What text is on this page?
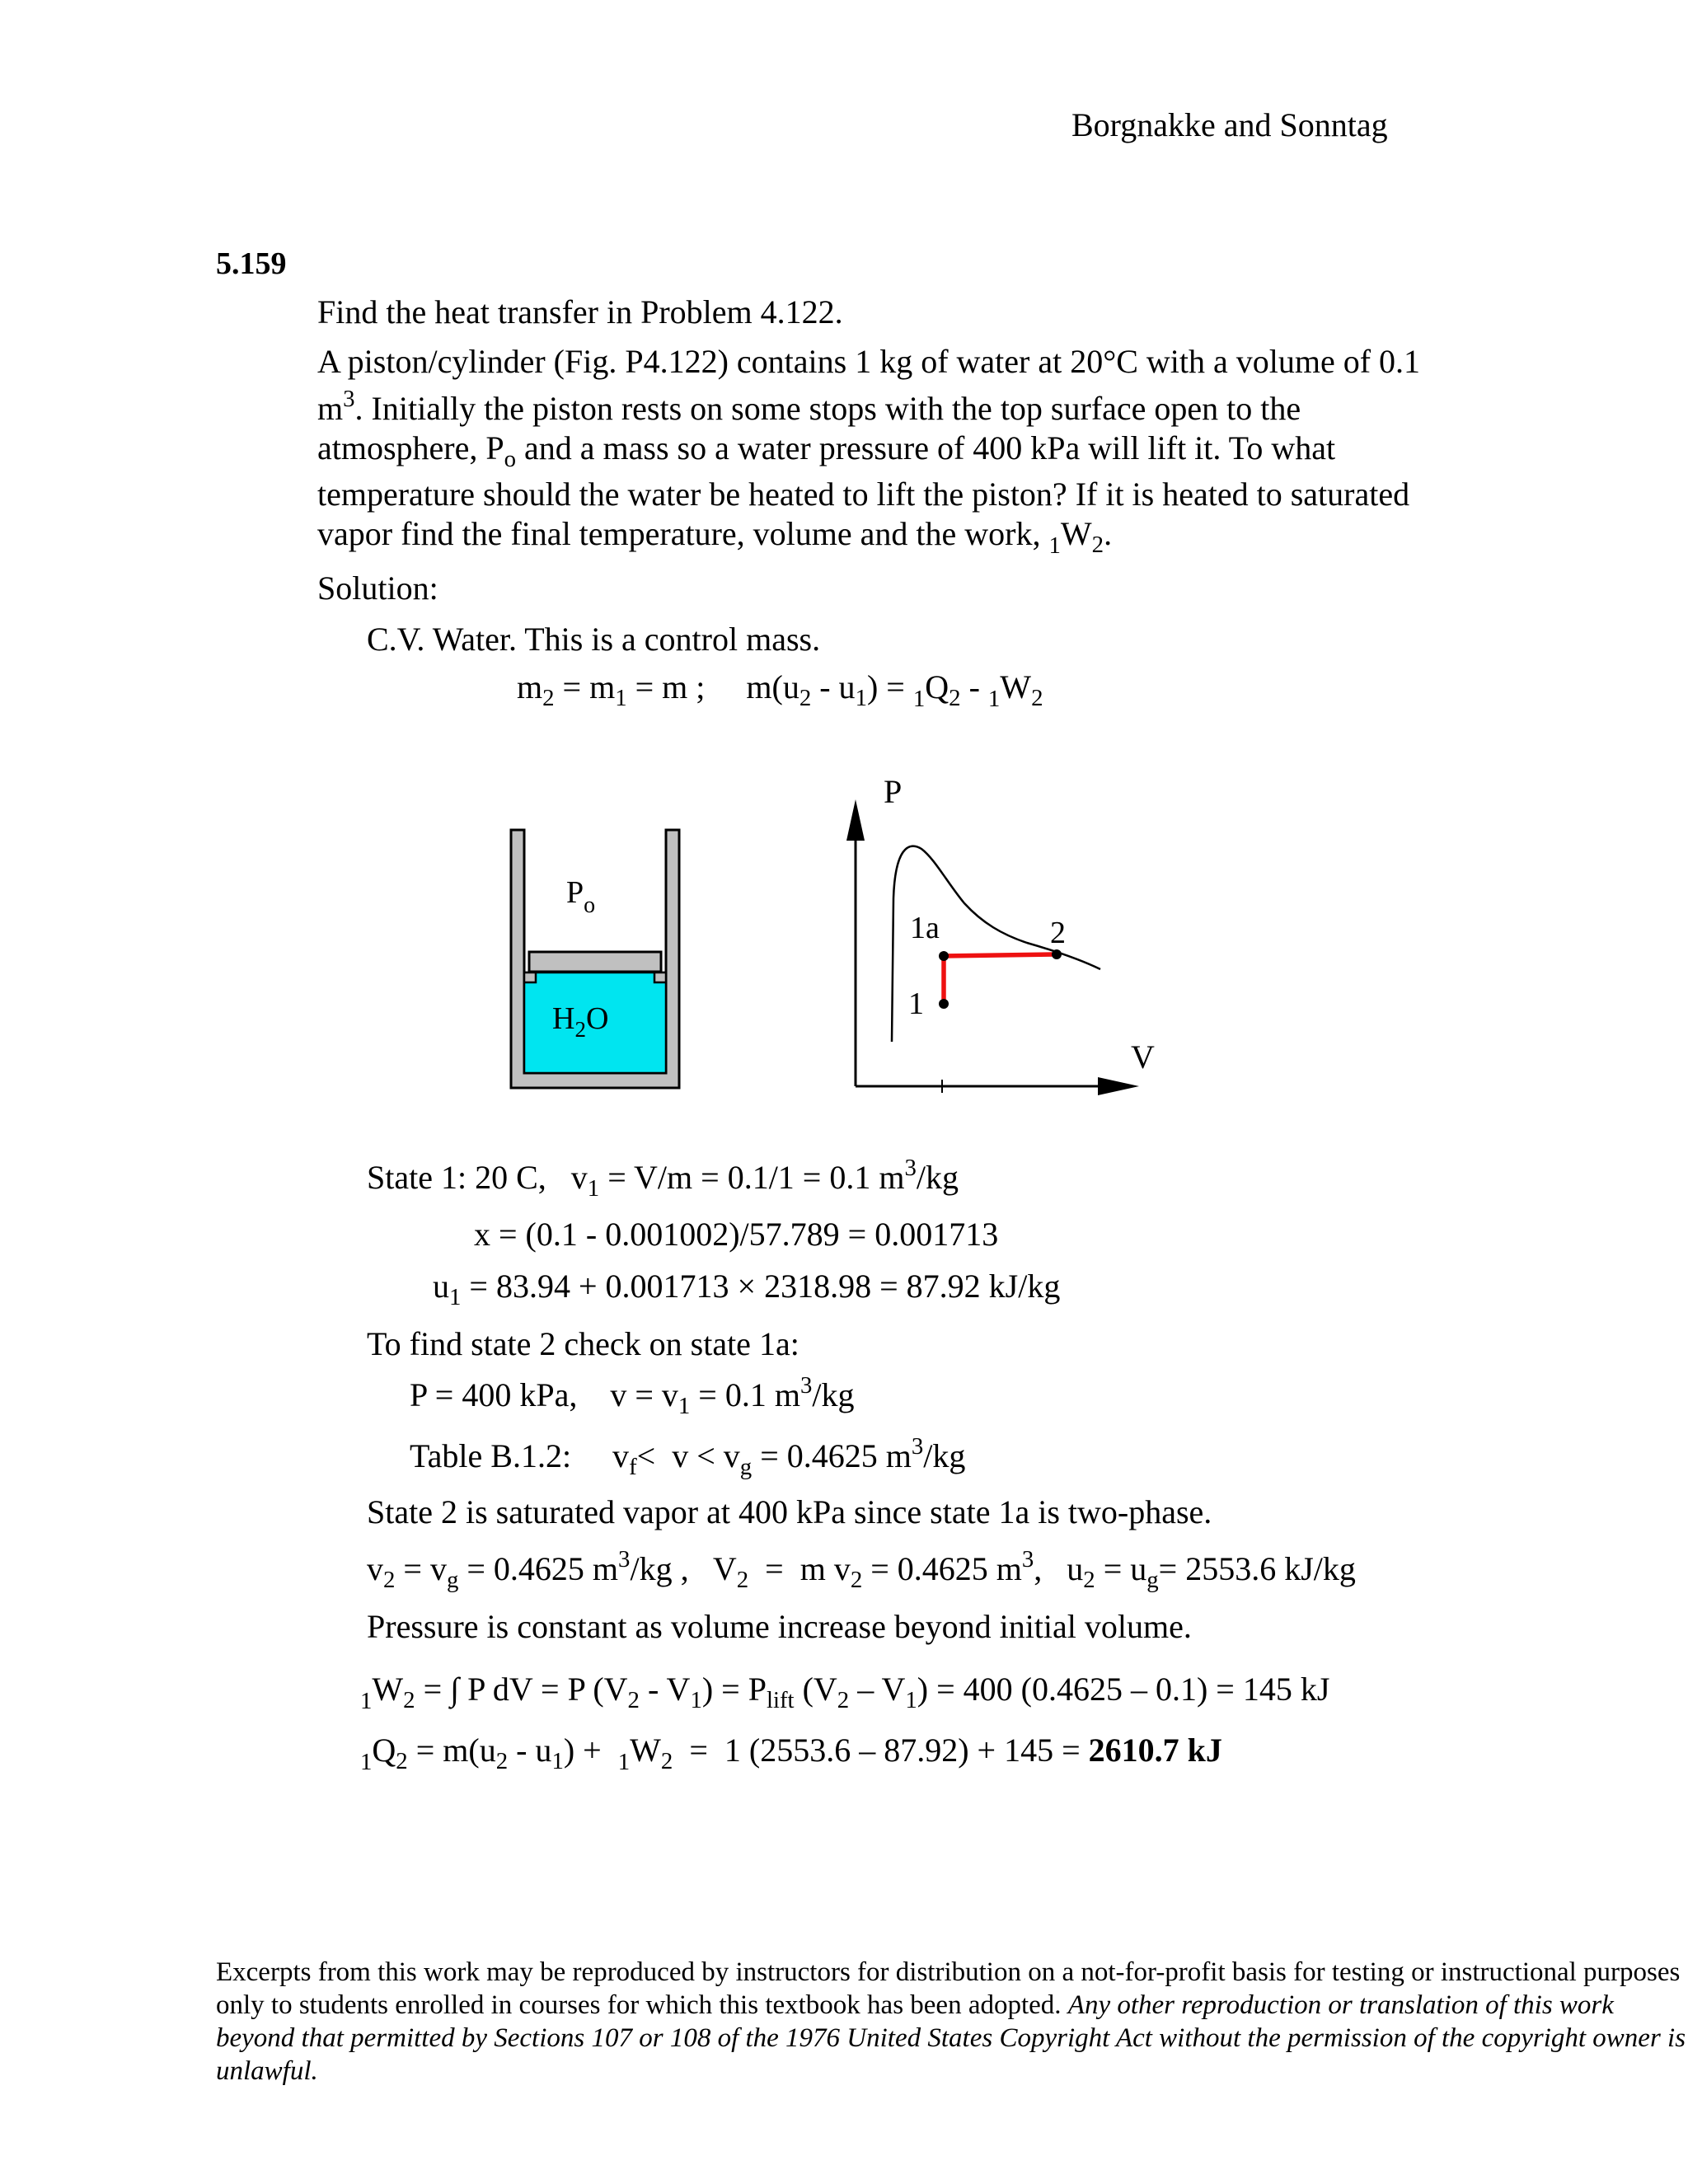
Borgnakke and Sonntag
5.159
Find the heat transfer in Problem 4.122.
A piston/cylinder (Fig. P4.122) contains 1 kg of water at 20°C with a volume of 0.1
$m^3$. Initially the piston rests on some stops with the top surface open to the
atmosphere, $P_o$ and a mass so a water pressure of 400 kPa will lift it. To what
temperature should the water be heated to lift the piston? If it is heated to saturated
vapor find the final temperature, volume and the work, $_1W_2$.
Solution:
C.V. Water. This is a control mass.
$m_2 = m_1 = m$ ;     $m(u_2 - u_1) = _1Q_2 - _1W_2$
$P_o$
$H_2O$
P
V
1
1a	2
State 1: 20 C,   $v_1 = V/m = 0.1/1 = 0.1$ $m^3/kg$
x = (0.1 - 0.001002)/57.789 = 0.001713
$u_1 = 83.94 + 0.001713 \times 2318.98 = 87.92$ kJ/kg
To find state 2 check on state 1a:
P = 400 kPa,    $v = v_1 = 0.1$ $m^3/kg$
Table B.1.2:     $v_f< v < v_g = 0.4625$ $m^3/kg$
State 2 is saturated vapor at 400 kPa since state 1a is two-phase.
$v_2 = v_g = 0.4625$ $m^3/kg$ ,   $V_2 = m$ $v_2 = 0.4625$ $m^3$,   $u_2 = u_g= 2553.6$ kJ/kg
Pressure is constant as volume increase beyond initial volume.
$_1W_2$ = ∫ P dV = P $(V_2 - V_1) = P_{lift}$ $(V_2 - V_1) = 400$ (0.4625 – 0.1) = 145 kJ
$_1Q_2 = m(u_2 - u_1) + _1W_2 = 1$ (2553.6 – 87.92) + 145 = 2610.7 kJ
Excerpts from this work may be reproduced by instructors for distribution on a not-for-profit basis for testing or instructional purposes only to students enrolled in courses for which this textbook has been adopted. Any other reproduction or translation of this work beyond that permitted by Sections 107 or 108 of the 1976 United States Copyright Act without the permission of the copyright owner is unlawful.
